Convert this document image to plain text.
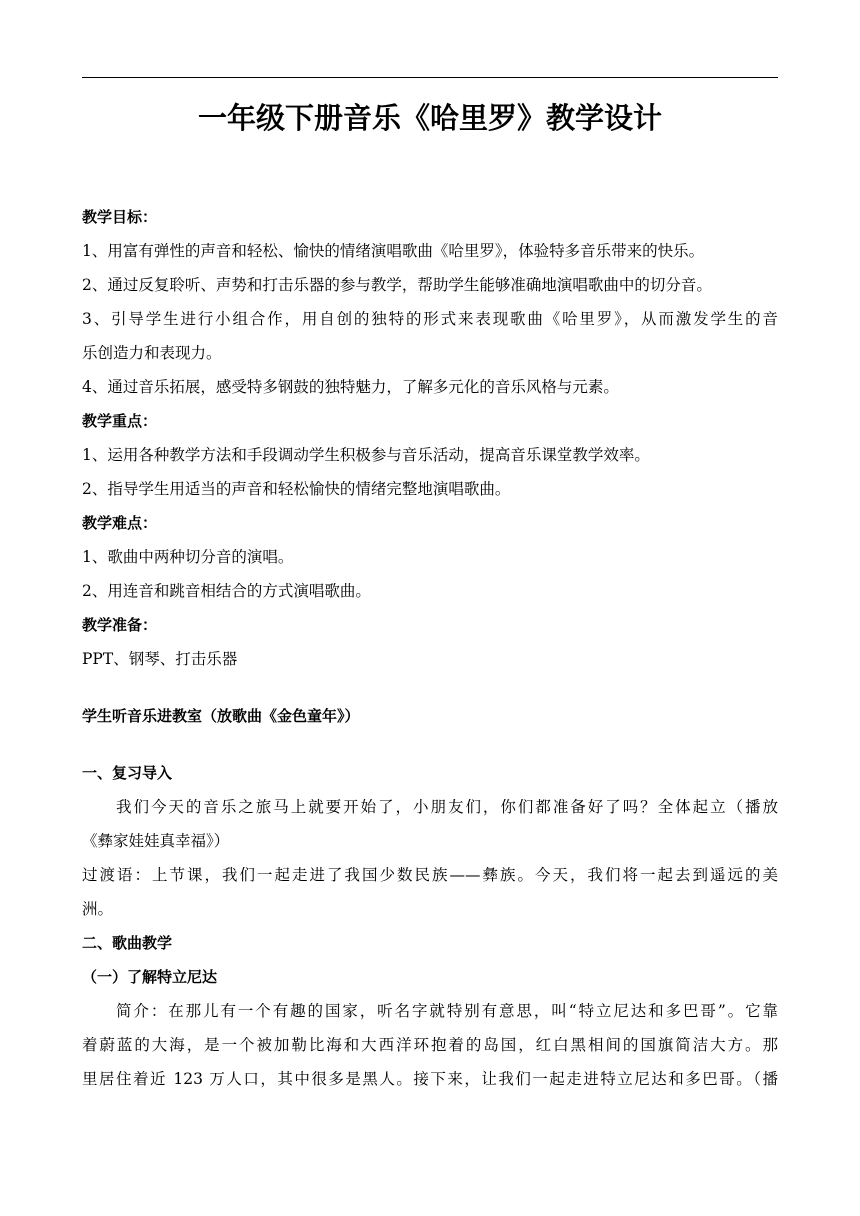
一年级下册音乐《哈里罗》教学设计
教学目标：
1、用富有弹性的声音和轻松、愉快的情绪演唱歌曲《哈里罗》，体验特多音乐带来的快乐。
2、通过反复聆听、声势和打击乐器的参与教学，帮助学生能够准确地演唱歌曲中的切分音。
3、引导学生进行小组合作，用自创的独特的形式来表现歌曲《哈里罗》，从而激发学生的音
乐创造力和表现力。
4、通过音乐拓展，感受特多钢鼓的独特魅力，了解多元化的音乐风格与元素。
教学重点：
1、运用各种教学方法和手段调动学生积极参与音乐活动，提高音乐课堂教学效率。
2、指导学生用适当的声音和轻松愉快的情绪完整地演唱歌曲。
教学难点：
1、歌曲中两种切分音的演唱。
2、用连音和跳音相结合的方式演唱歌曲。
教学准备：
PPT、钢琴、打击乐器
学生听音乐进教室（放歌曲《金色童年》）
一、复习导入
我们今天的音乐之旅马上就要开始了，小朋友们，你们都准备好了吗？全体起立（播放
《彝家娃娃真幸福》）
过渡语：上节课，我们一起走进了我国少数民族——彝族。今天，我们将一起去到遥远的美
洲。
二、歌曲教学
（一）了解特立尼达
简介：在那儿有一个有趣的国家，听名字就特别有意思，叫“特立尼达和多巴哥”。它靠
着蔚蓝的大海，是一个被加勒比海和大西洋环抱着的岛国，红白黑相间的国旗简洁大方。那
里居住着近 123 万人口，其中很多是黑人。接下来，让我们一起走进特立尼达和多巴哥。（播
